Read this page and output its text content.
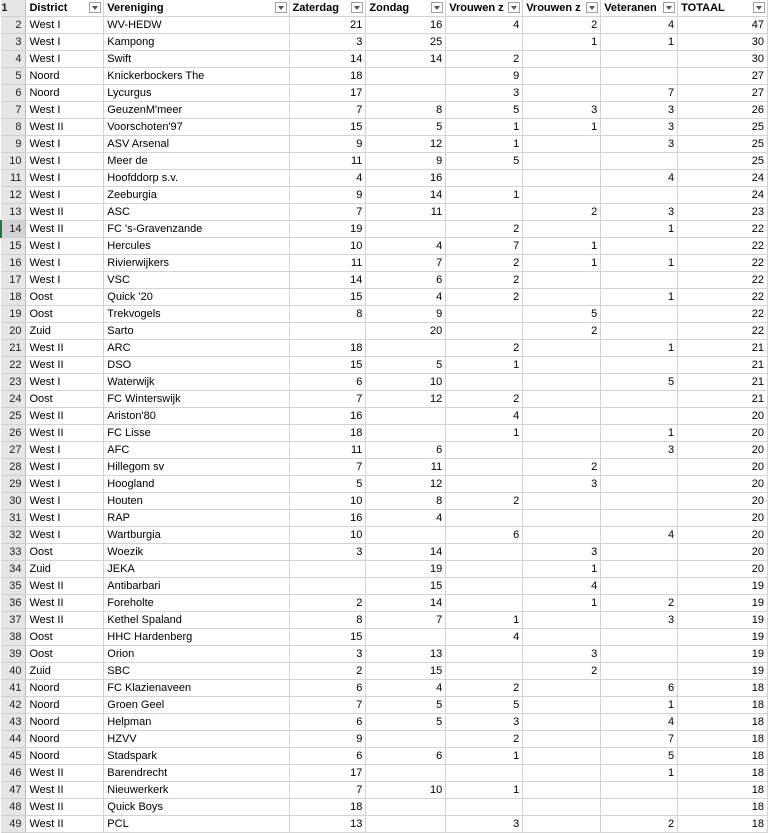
1	District	Vereniging	Zaterdag	Zondag	Vrouwen z	Vrouwen z	Veteranen	TOTAAL

2	West I	WV-HEDW	21	16	4	2	4	47
3	West I	Kampong	3	25		1	1	30
4	West I	Swift	14	14	2			30
5	Noord	Knickerbockers The	18		9			27
6	Noord	Lycurgus	17		3		7	27
7	West I	GeuzenM'meer	7	8	5	3	3	26
8	West II	Voorschoten'97	15	5	1	1	3	25
9	West I	ASV Arsenal	9	12	1		3	25
10	West I	Meer de	11	9	5			25
11	West I	Hoofddorp s.v.	4	16			4	24
12	West I	Zeeburgia	9	14	1			24
13	West II	ASC	7	11		2	3	23
14	West II	FC 's-Gravenzande	19		2		1	22
15	West I	Hercules	10	4	7	1		22
16	West I	Rivierwijkers	11	7	2	1	1	22
17	West I	VSC	14	6	2			22
18	Oost	Quick '20	15	4	2		1	22
19	Oost	Trekvogels	8	9		5		22
20	Zuid	Sarto		20		2		22
21	West II	ARC	18		2		1	21
22	West II	DSO	15	5	1			21
23	West I	Waterwijk	6	10			5	21
24	Oost	FC Winterswijk	7	12	2			21
25	West II	Ariston'80	16		4			20
26	West II	FC Lisse	18		1		1	20
27	West I	AFC	11	6			3	20
28	West I	Hillegom sv	7	11		2		20
29	West I	Hoogland	5	12		3		20
30	West I	Houten	10	8	2			20
31	West I	RAP	16	4				20
32	West I	Wartburgia	10		6		4	20
33	Oost	Woezik	3	14		3		20
34	Zuid	JEKA		19		1		20
35	West II	Antibarbari		15		4		19
36	West II	Foreholte	2	14		1	2	19
37	West II	Kethel Spaland	8	7	1		3	19
38	Oost	HHC Hardenberg	15		4			19
39	Oost	Orion	3	13		3		19
40	Zuid	SBC	2	15		2		19
41	Noord	FC Klazienaveen	6	4	2		6	18
42	Noord	Groen Geel	7	5	5		1	18
43	Noord	Helpman	6	5	3		4	18
44	Noord	HZVV	9		2		7	18
45	Noord	Stadspark	6	6	1		5	18
46	West II	Barendrecht	17				1	18
47	West II	Nieuwerkerk	7	10	1			18
48	West II	Quick Boys	18					18
49	West II	PCL	13		3		2	18
